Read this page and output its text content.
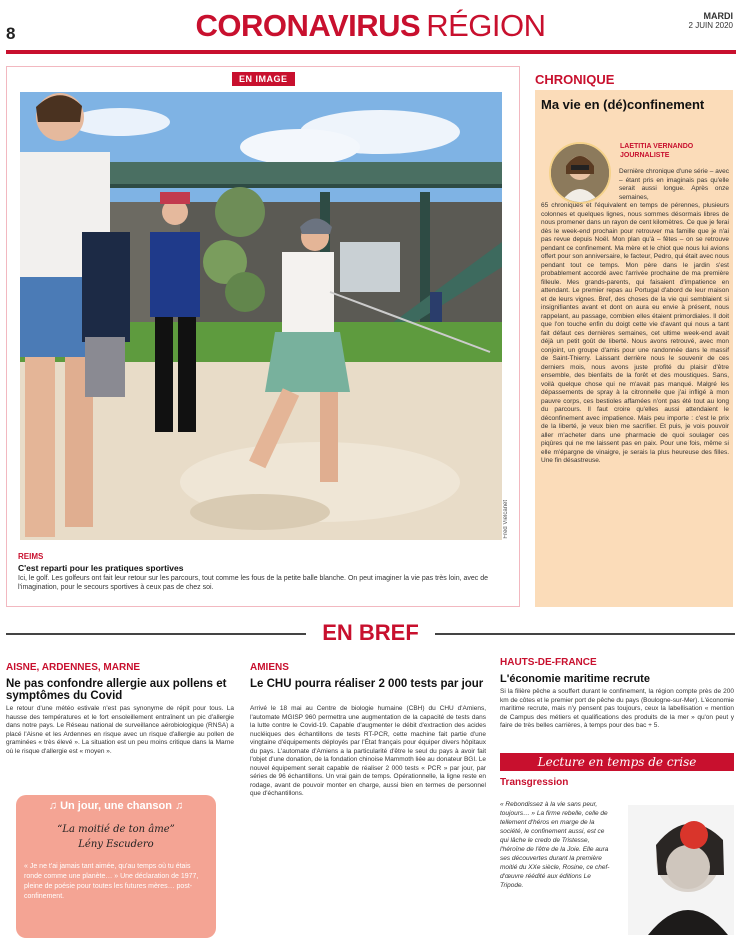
8	CORONAVIRUS RÉGION	MARDI
2 JUIN 2020
EN IMAGE
Fred Vielcanet
REIMS
C'est reparti pour les pratiques sportives
Ici, le golf. Les golfeurs ont fait leur retour sur les parcours, tout comme les fous de la petite balle blanche. On peut imaginer la vie pas très loin, avec de l'imagination, pour le secours sportives à ceux pas de chez soi.
CHRONIQUE
Ma vie en (dé)confinement
LAETITIA VERNANDO
JOURNALISTE
Dernière chronique d'une série – avec – étant pris en imaginais pas qu'elle serait aussi longue. Après onze semaines,
65 chroniques et l'équivalent en temps de pérennes, plusieurs colonnes et quelques lignes, nous sommes désormais libres de nous promener dans un rayon de cent kilomètres. Ce que je ferai dès le week-end prochain pour retrouver ma famille que je n'ai pas revue depuis Noël. Mon plan qu'à – fêtes – on se retrouve pendant ce confinement. Ma mère et le chiot que nous lui avions offert pour son anniversaire, le facteur, Pedro, qui était avec nous pendant tout ce temps. Mon père dans le jardin s'est probablement accordé avec l'arrivée prochaine de ma première filleule. Mes grands-parents, qui faisaient d'impatience en attendant. Le premier repas au Portugal d'abord de leur maison et de leurs vignes. Bref, des choses de la vie qui semblaient si insignifiantes avant et dont on aura eu envie à présent, nous rappelant, au passage, combien elles étaient primordiales. Il doit que l'on touche enfin du doigt cette vie d'avant qui nous a tant fait défaut ces dernières semaines, cet ultime week-end avait déjà un petit goût de liberté. Nous avons retrouvé, avec mon conjoint, un groupe d'amis pour une randonnée dans le massif de Saint-Thierry. Laissant derrière nous le souvenir de ces derniers mois, nous avons juste profité du plaisir d'être ensemble, des bienfaits de la forêt et des moustiques. Sans, voilà quelque chose qui ne m'avait pas manqué. Malgré les dépassements de spray à la citronnelle que j'ai infligé à mon pauvre corps, ces bestioles affamées n'ont pas été tout au long du parcours. Il faut croire qu'elles aussi attendaient le déconfinement avec impatience. Mais peu importe : c'est le prix de la liberté, je veux bien me sacrifier. Et puis, je vois pouvoir aller m'acheter dans une pharmacie de quoi soulager ces piqûres qui ne me laissent pas en paix. Pour une fois, même si elle m'épargne de vinaigre, je serais la plus heureuse des filles. Une fin désastreuse.
EN BREF
AISNE, ARDENNES, MARNE
Ne pas confondre allergie aux pollens et symptômes du Covid
Le retour d'une météo estivale n'est pas synonyme de répit pour tous. La hausse des températures et le fort ensoleillement entraînent un pic d'allergie dans notre pays. Le Réseau national de surveillance aérobiologique (RNSA) a placé l'Aisne et les Ardennes en risque avec un risque d'allergie au pollen de graminées « très élevé ». La situation est un peu moins critique dans la Marne où le risque d'allergie est « moyen ».
AMIENS
Le CHU pourra réaliser 2 000 tests par jour
Arrivé le 18 mai au Centre de biologie humaine (CBH) du CHU d'Amiens, l'automate MGISP 960 permettra une augmentation de la capacité de tests dans la lutte contre le Covid-19. Capable d'augmenter le débit d'extraction des acides nucléiques des échantillons de tests RT-PCR, cette machine fait partie d'une vingtaine d'équipements déployés par l'État français pour équiper divers hôpitaux du pays. L'automate d'Amiens a la particularité d'être le seul du pays à avoir fait l'objet d'une donation, de la fondation chinoise Mammoth liée au donateur BGI. Le nouvel équipement serait capable de réaliser 2 000 tests « PCR » par jour, par séries de 96 échantillons. Un vrai gain de temps. Opérationnelle, la ligne reste en rodage, avant de pouvoir monter en charge, aussi bien en termes de personnel que d'échantillons.
HAUTS-DE-FRANCE
L'économie maritime recrute
Si la filière pêche a souffert durant le confinement, la région compte près de 200 km de côtes et le premier port de pêche du pays (Boulogne-sur-Mer). L'économie maritime recrute, mais n'y pensent pas toujours, ceux la labellisation « mention de Campus des métiers et qualifications des produits de la mer » qu'on peut y faire de très belles carrières, à temps pour des bac + 5.
♫ Un jour, une chanson ♫
“La moitié de ton âme”
Lény Escudero
« Je ne t'ai jamais tant aimée, qu'au temps où tu étais ronde comme une planète… » Une déclaration de 1977, pleine de poésie pour toutes les futures mères… post-confinement.
Lecture en temps de crise
Transgression
« Rebondissez à la vie sans peur, toujours… » La firme rebelle, celle de tellement d'héros en marge de la société, le confinement aussi, est ce qui lâche le credo de Tristesse, l'héroïne de l'être de la Joie. Elle aura ses découvertes durant la première moitié du XXe siècle, Rosine, ce chef-d'œuvre réédité aux éditions Le Tripode.
